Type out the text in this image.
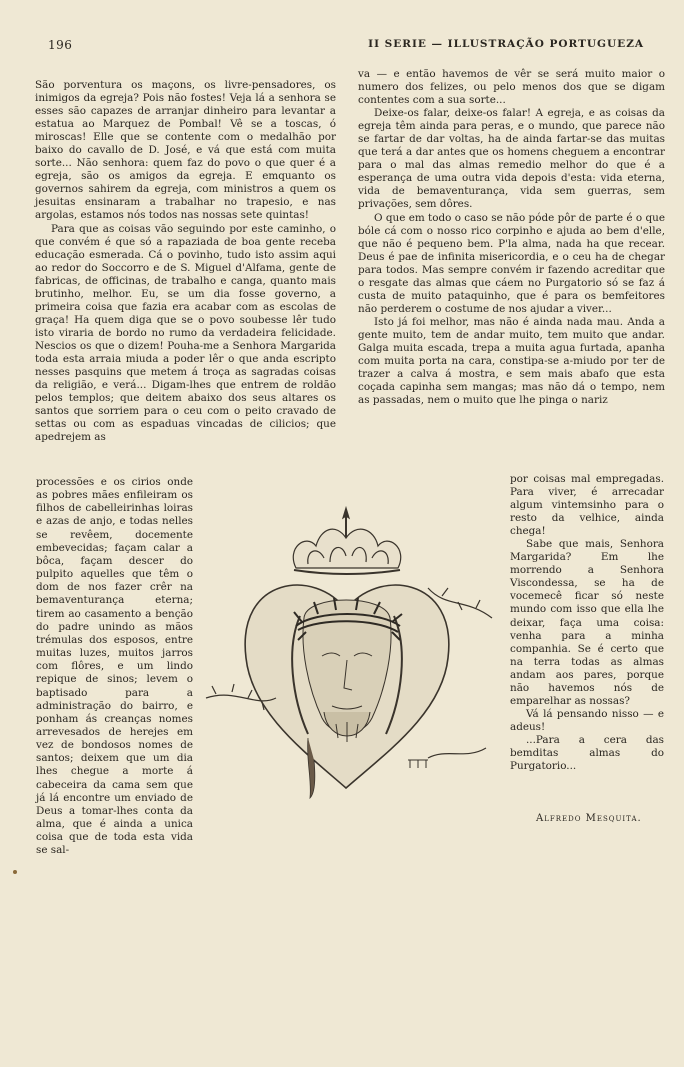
196	II SERIE — ILLUSTRAÇÃO PORTUGUEZA

São porventura os maçons, os livre-pensadores, os inimigos da egreja? Pois não fostes! Veja lá a senhora se esses são capazes de arranjar dinheiro para levantar a estatua ao Marquez de Pombal! Vê se a toscas, ó miroscas! Elle que se contente com o medalhão por baixo do cavallo de D. José, e vá que está com muita sorte... Não senhora: quem faz do povo o que quer é a egreja, são os amigos da egreja. E emquanto os governos sahirem da egreja, com ministros a quem os jesuitas ensinaram a trabalhar no trapesio, e nas argolas, estamos nós todos nas nossas sete quintas!

Para que as coisas vão seguindo por este caminho, o que convém é que só a rapaziada de boa gente receba educação esmerada. Cá o povinho, tudo isto assim aqui ao redor do Soccorro e de S. Miguel d'Alfama, gente de fabricas, de officinas, de trabalho e canga, quanto mais brutinho, melhor. Eu, se um dia fosse governo, a primeira coisa que fazia era acabar com as escolas de graça! Ha quem diga que se o povo soubesse lêr tudo isto viraria de bordo no rumo da verdadeira felicidade. Nescios os que o dizem! Pouha-me a Senhora Margarida toda esta arraia miuda a poder lêr o que anda escripto nesses pasquins que metem á troça as sagradas coisas da religião, e verá... Digam-lhes que entrem de roldão pelos templos; que deitem abaixo dos seus altares os santos que sorriem para o ceu com o peito cravado de settas ou com as espaduas vincadas de cilicios; que apedrejem as

processões e os cirios onde as pobres mães enfileiram os filhos de cabelleirinhas loiras e azas de anjo, e todas nelles se revêem, docemente embevecidas; façam calar a bôca, façam descer do pulpito aquelles que têm o dom de nos fazer crêr na bemaventurança eterna; tirem ao casamento a benção do padre unindo as mãos trémulas dos esposos, entre muitas luzes, muitos jarros com flôres, e um lindo repique de sinos; levem o baptisado para a administração do bairro, e ponham ás creanças nomes arrevesados de herejes em vez de bondosos nomes de santos; deixem que um dia lhes chegue a morte á cabeceira da cama sem que já lá encontre um enviado de Deus a tomar-lhes conta da alma, que é ainda a unica coisa que de toda esta vida se sal-

va — e então havemos de vêr se será muito maior o numero dos felizes, ou pelo menos dos que se digam contentes com a sua sorte...

Deixe-os falar, deixe-os falar! A egreja, e as coisas da egreja têm ainda para peras, e o mundo, que parece não se fartar de dar voltas, ha de ainda fartar-se das muitas que terá a dar antes que os homens cheguem a encontrar para o mal das almas remedio melhor do que é a esperança de uma outra vida depois d'esta: vida eterna, vida de bemaventurança, vida sem guerras, sem privações, sem dôres.

O que em todo o caso se não póde pôr de parte é o que bóle cá com o nosso rico corpinho e ajuda ao bem d'elle, que não é pequeno bem. P'la alma, nada ha que recear. Deus é pae de infinita misericordia, e o ceu ha de chegar para todos. Mas sempre convém ir fazendo acreditar que o resgate das almas que cáem no Purgatorio só se faz á custa de muito pataquinho, que é para os bemfeitores não perderem o costume de nos ajudar a viver...

Isto já foi melhor, mas não é ainda nada mau. Anda a gente muito, tem de andar muito, tem muito que andar. Galga muita escada, trepa a muita agua furtada, apanha com muita porta na cara, constipa-se a-miudo por ter de trazer a calva á mostra, e sem mais abafo que esta coçada capinha sem mangas; mas não dá o tempo, nem as passadas, nem o muito que lhe pinga o nariz

por coisas mal empregadas. Para viver, é arrecadar algum vintemsinho para o resto da velhice, ainda chega!

Sabe que mais, Senhora Margarida? Em lhe morrendo a Senhora Viscondessa, se ha de vocemecê ficar só neste mundo com isso que ella lhe deixar, faça uma coisa: venha para a minha companhia. Se é certo que na terra todas as almas andam aos pares, porque não havemos nós de emparelhar as nossas?

Vá lá pensando nisso — e adeus!

...Para a cera das bemditas almas do Purgatorio...

Alfredo Mesquita.
